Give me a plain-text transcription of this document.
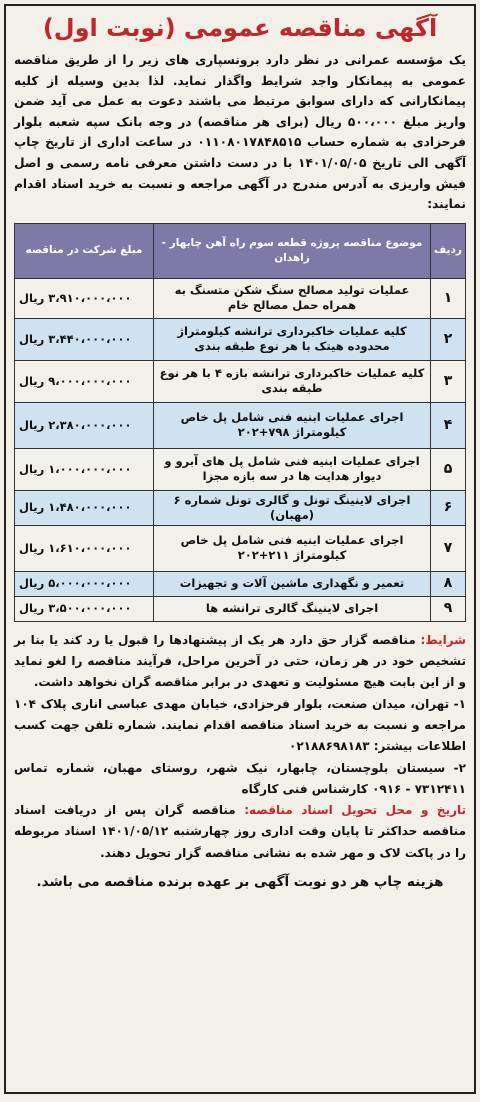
آگهی مناقصه عمومی (نوبت اول)
یک مؤسسه عمرانی در نظر دارد برونسپاری های زیر را از طریق مناقصه عمومی به پیمانکار واجد شرایط واگذار نماید. لذا بدین وسیله از کلیه پیمانکارانی که دارای سوابق مرتبط می باشند دعوت به عمل می آید ضمن واریز مبلغ ۵۰۰،۰۰۰ ریال (برای هر مناقصه) در وجه بانک سپه شعبه بلوار فرحزادی به شماره حساب ۰۱۱۰۸۰۱۷۸۴۸۵۱۵ در ساعت اداری از تاریخ چاپ آگهی الی تاریخ ۱۴۰۱/۰۵/۰۵ با در دست داشتن معرفی نامه رسمی و اصل فیش واریزی به آدرس مندرج در آگهی مراجعه و نسبت به خرید اسناد اقدام نمایند:
ردیف	موضوع مناقصه پروژه قطعه سوم راه آهن چابهار - زاهدان	مبلغ شرکت در مناقصه
۱	عملیات تولید مصالح سنگ شکن متسنگ به همراه حمل مصالح خام	۳،۹۱۰،۰۰۰،۰۰۰ ریال
۲	کلیه عملیات خاکبرداری ترانشه کیلومتراژ محدوده هیتک با هر نوع طبقه بندی	۳،۴۴۰،۰۰۰،۰۰۰ ریال
۳	کلیه عملیات خاکبرداری ترانشه بازه ۴ با هر نوع طبقه بندی	۹،۰۰۰،۰۰۰،۰۰۰ ریال
۴	اجرای عملیات ابنیه فنی شامل پل خاص کیلومتراژ ۷۹۸+۲۰۲	۲،۳۸۰،۰۰۰،۰۰۰ ریال
۵	اجرای عملیات ابنیه فنی شامل پل های آبرو و دیوار هدایت ها در سه بازه مجزا	۱،۰۰۰،۰۰۰،۰۰۰ ریال
۶	اجرای لاینینگ تونل و گالری تونل شماره ۶ (مهبان)	۱،۴۸۰،۰۰۰،۰۰۰ ریال
۷	اجرای عملیات ابنیه فنی شامل پل خاص کیلومتراژ ۲۱۱+۲۰۲	۱،۶۱۰،۰۰۰،۰۰۰ ریال
۸	تعمیر و نگهداری ماشین آلات و تجهیزات	۵،۰۰۰،۰۰۰،۰۰۰ ریال
۹	اجرای لاینینگ گالری ترانشه ها	۳،۵۰۰،۰۰۰،۰۰۰ ریال
شرایط: مناقصه گزار حق دارد هر یک از پیشنهادها را قبول یا رد کند یا بنا بر تشخیص خود در هر زمان، حتی در آخرین مراحل، فرآیند مناقصه را لغو نماید و از این بابت هیچ مسئولیت و تعهدی در برابر مناقصه گران نخواهد داشت.
۱- تهران، میدان صنعت، بلوار فرحزادی، خیابان مهدی عباسی اناری پلاک ۱۰۴ مراجعه و نسبت به خرید اسناد مناقصه اقدام نمایند. شماره تلفن جهت کسب اطلاعات بیشتر: ۰۲۱۸۸۶۹۸۱۸۳
۲- سیستان بلوچستان، چابهار، نیک شهر، روستای مهبان، شماره تماس ۷۳۱۲۴۱۱ - ۰۹۱۶ کارشناس فنی کارگاه
تاریخ و محل تحویل اسناد مناقصه: مناقصه گران پس از دریافت اسناد مناقصه حداکثر تا پایان وقت اداری روز چهارشنبه ۱۴۰۱/۰۵/۱۲ اسناد مربوطه را در پاکت لاک و مهر شده به نشانی مناقصه گزار تحویل دهند.
هزینه چاپ هر دو نوبت آگهی بر عهده برنده مناقصه می باشد.
